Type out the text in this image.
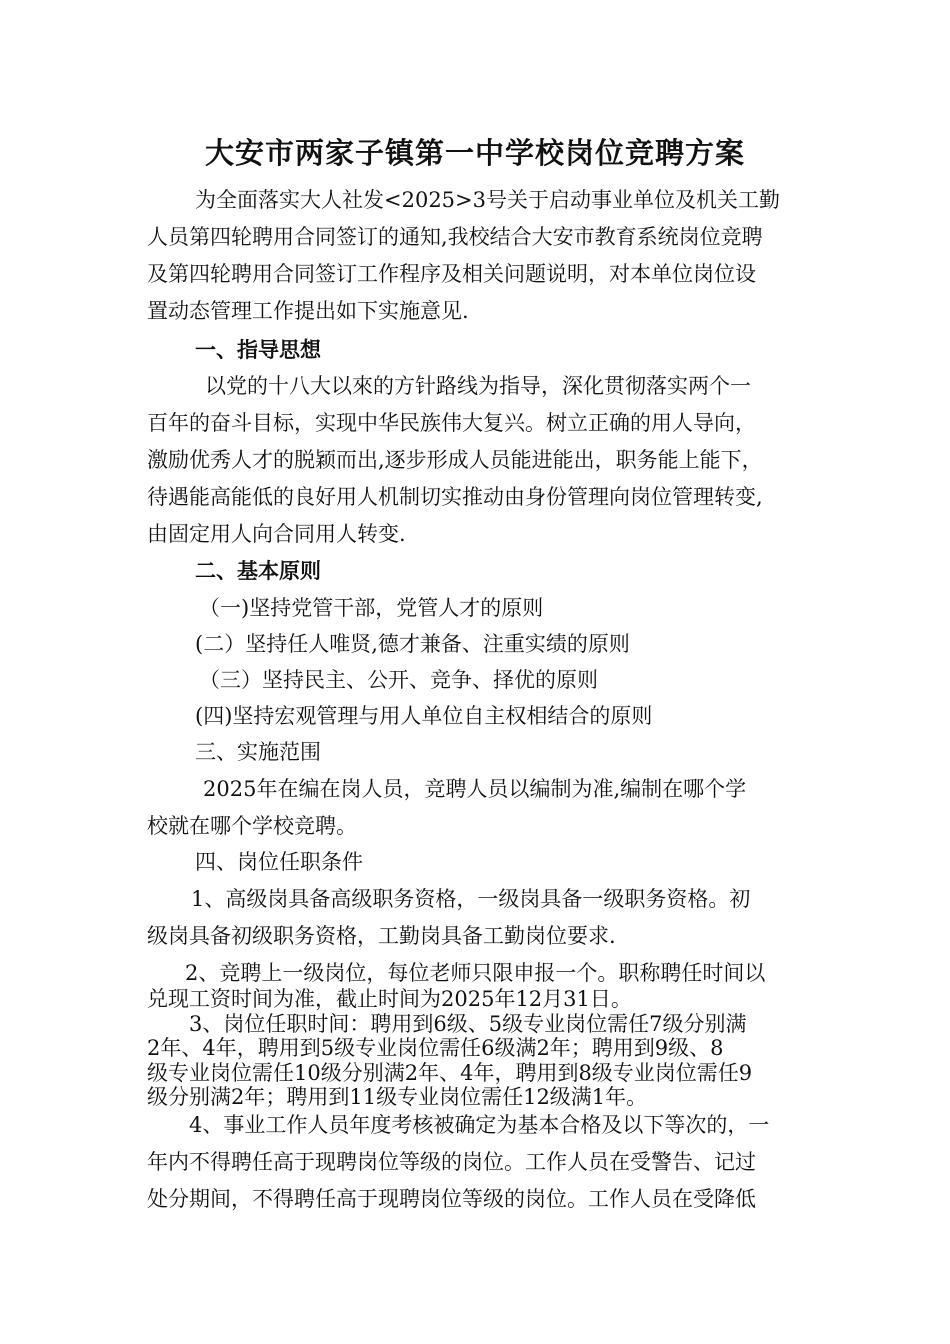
大安市两家子镇第一中学校岗位竞聘方案
为全面落实大人社发<2025>3号关于启动事业单位及机关工勤
人员第四轮聘用合同签订的通知,我校结合大安市教育系统岗位竞聘
及第四轮聘用合同签订工作程序及相关问题说明，对本单位岗位设
置动态管理工作提出如下实施意见.
一、指导思想
以党的十八大以來的方针路线为指导，深化贯彻落实两个一
百年的奋斗目标，实现中华民族伟大复兴。树立正确的用人导向，
激励优秀人才的脱颖而出,逐步形成人员能进能出，职务能上能下，
待遇能高能低的良好用人机制切实推动由身份管理向岗位管理转变,
由固定用人向合同用人转变.
二、基本原则
（一)坚持党管干部，党管人才的原则
(二）坚持任人唯贤,德才兼备、注重实绩的原则
（三）坚持民主、公开、竞争、择优的原则
(四)坚持宏观管理与用人单位自主权相结合的原则
三、实施范围
2025年在编在岗人员，竞聘人员以编制为准,编制在哪个学
校就在哪个学校竞聘。
四、岗位任职条件
1、高级岗具备高级职务资格，一级岗具备一级职务资格。初
级岗具备初级职务资格，工勤岗具备工勤岗位要求.
2、竞聘上一级岗位，每位老师只限申报一个。职称聘任时间以
兑现工资时间为准，截止时间为2025年12月31日。
3、岗位任职时间：聘用到6级、5级专业岗位需任7级分别满
2年、4年，聘用到5级专业岗位需任6级满2年；聘用到9级、8
级专业岗位需任10级分别满2年、4年，聘用到8级专业岗位需任9
级分别满2年；聘用到11级专业岗位需任12级满1年。
4、事业工作人员年度考核被确定为基本合格及以下等次的，一
年内不得聘任高于现聘岗位等级的岗位。工作人员在受警告、记过
处分期间，不得聘任高于现聘岗位等级的岗位。工作人员在受降低
